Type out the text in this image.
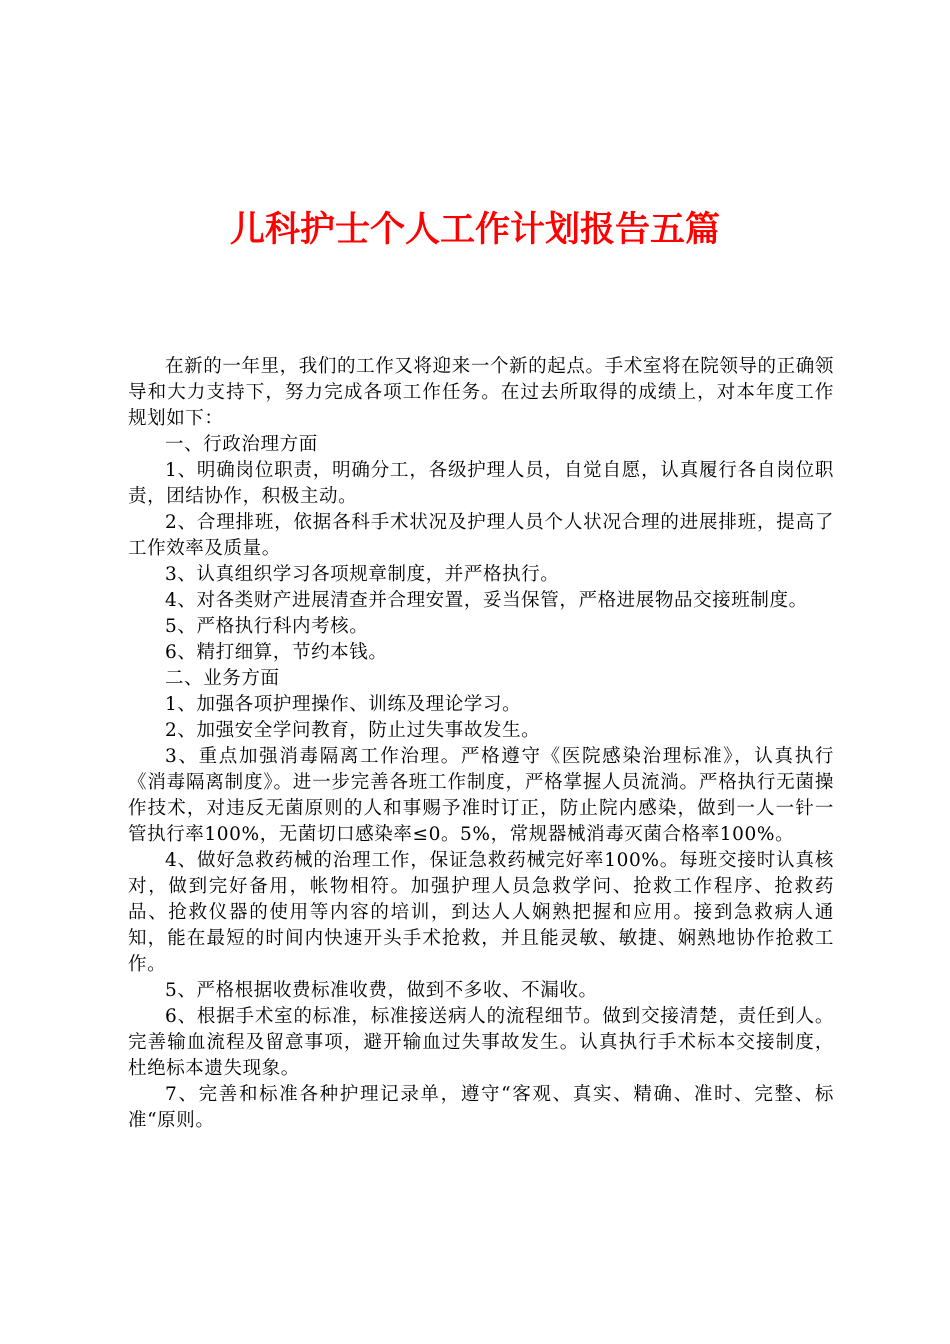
儿科护士个人工作计划报告五篇

在新的一年里，我们的工作又将迎来一个新的起点。手术室将在院领导的正确领导和大力支持下，努力完成各项工作任务。在过去所取得的成绩上，对本年度工作规划如下：

一、行政治理方面

1、明确岗位职责，明确分工，各级护理人员，自觉自愿，认真履行各自岗位职责，团结协作，积极主动。

2、合理排班，依据各科手术状况及护理人员个人状况合理的进展排班，提高了工作效率及质量。

3、认真组织学习各项规章制度，并严格执行。

4、对各类财产进展清查并合理安置，妥当保管，严格进展物品交接班制度。

5、严格执行科内考核。

6、精打细算，节约本钱。

二、业务方面

1、加强各项护理操作、训练及理论学习。

2、加强安全学问教育，防止过失事故发生。

3、重点加强消毒隔离工作治理。严格遵守《医院感染治理标准》，认真执行《消毒隔离制度》。进一步完善各班工作制度，严格掌握人员流淌。严格执行无菌操作技术，对违反无菌原则的人和事赐予准时订正，防止院内感染，做到一人一针一管执行率100%，无菌切口感染率≤0。5%，常规器械消毒灭菌合格率100%。

4、做好急救药械的治理工作，保证急救药械完好率100%。每班交接时认真核对，做到完好备用，帐物相符。加强护理人员急救学问、抢救工作程序、抢救药品、抢救仪器的使用等内容的培训，到达人人娴熟把握和应用。接到急救病人通知，能在最短的时间内快速开头手术抢救，并且能灵敏、敏捷、娴熟地协作抢救工作。

5、严格根据收费标准收费，做到不多收、不漏收。

6、根据手术室的标准，标准接送病人的流程细节。做到交接清楚，责任到人。完善输血流程及留意事项，避开输血过失事故发生。认真执行手术标本交接制度，杜绝标本遗失现象。

7、完善和标准各种护理记录单，遵守“客观、真实、精确、准时、完整、标准“原则。
